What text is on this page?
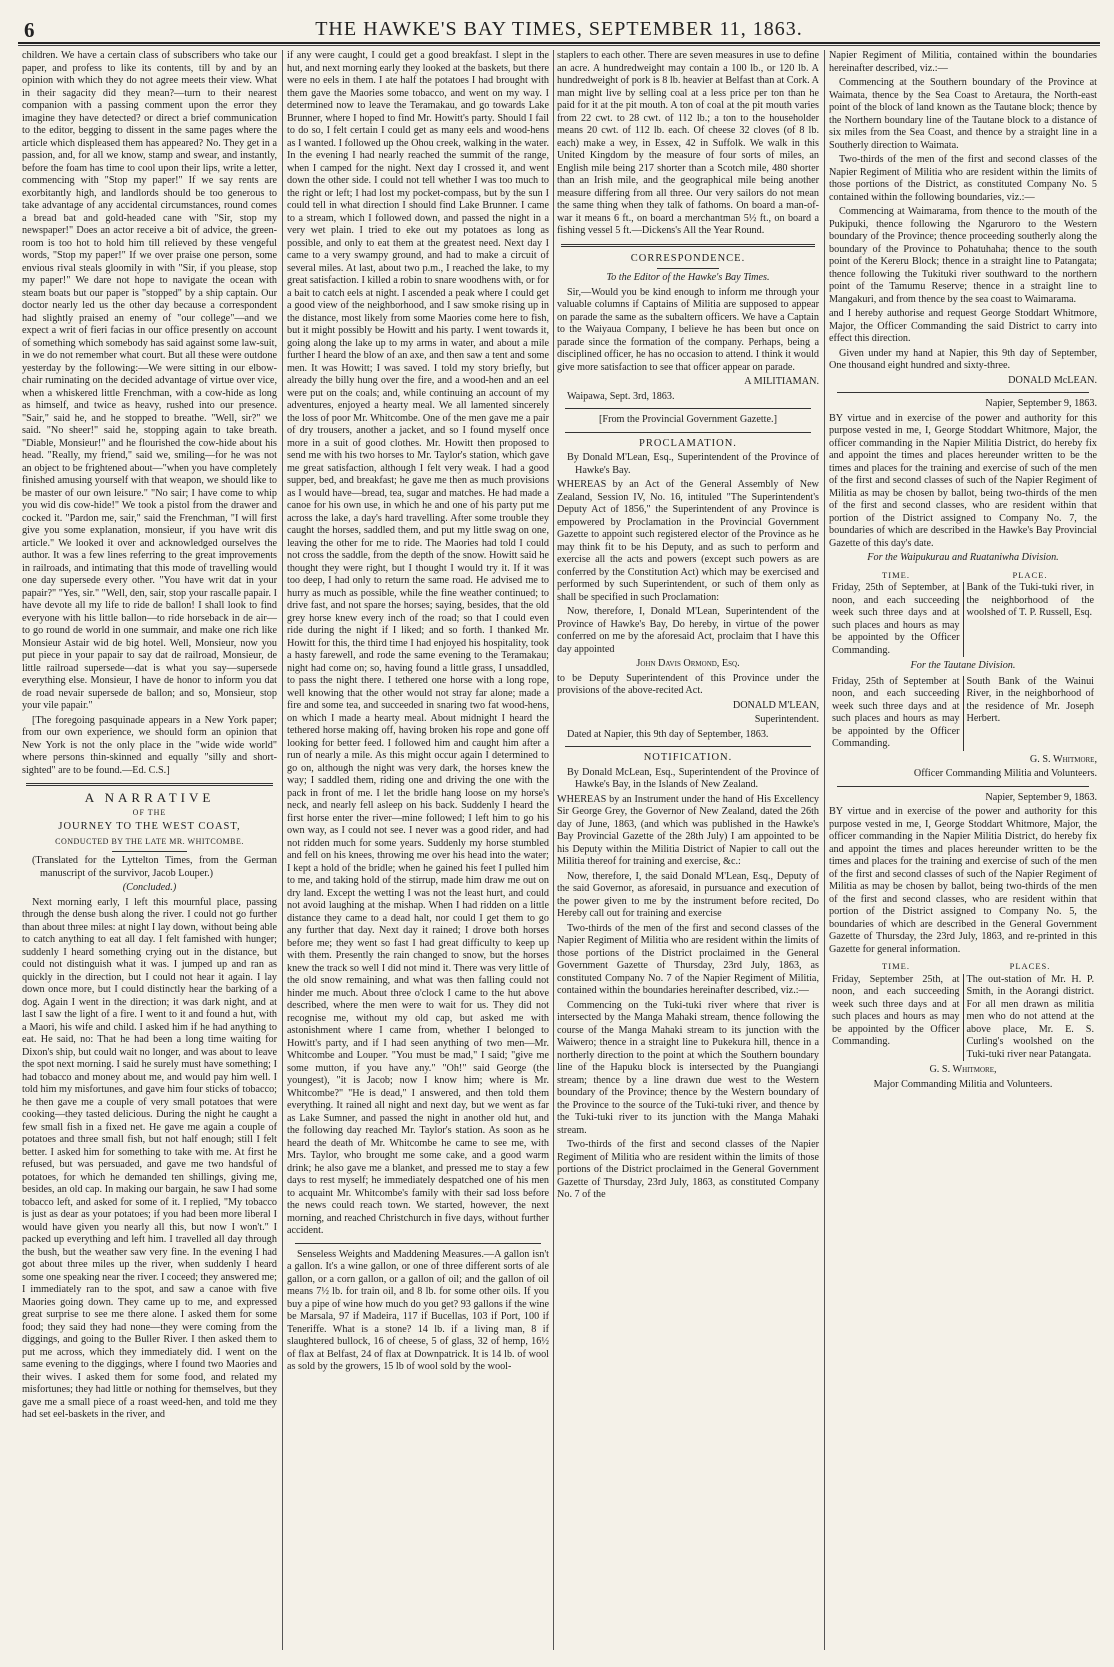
6	THE HAWKE'S BAY TIMES, SEPTEMBER 11, 1863.

children. We have a certain class of subscribers who take our paper, and profess to like its contents, till by and by an opinion with which they do not agree meets their view. What in their sagacity did they mean?—turn to their nearest companion with a passing comment upon the error they imagine they have detected? or direct a brief communication to the editor, begging to dissent in the same pages where the article which displeased them has appeared? No. They get in a passion, and, for all we know, stamp and swear, and instantly, before the foam has time to cool upon their lips, write a letter, commencing with "Stop my paper!" If we say rents are exorbitantly high, and landlords should be too generous to take advantage of any accidental circumstances, round comes a bread bat and gold-headed cane with "Sir, stop my newspaper!" Does an actor receive a bit of advice, the green-room is too hot to hold him till relieved by these vengeful words, "Stop my paper!" If we over praise one person, some envious rival steals gloomily in with "Sir, if you please, stop my paper!" We dare not hope to navigate the ocean with steam boats but our paper is "stopped" by a ship captain. Our doctor nearly led us the other day because a correspondent had slightly praised an enemy of "our college"—and we expect a writ of fieri facias in our office presently on account of something which somebody has said against some law-suit, in we do not remember what court. But all these were outdone yesterday by the following:—We were sitting in our elbow-chair ruminating on the decided advantage of virtue over vice, when a whiskered little Frenchman, with a cow-hide as long as himself, and twice as heavy, rushed into our presence. "Sair," said he, and he stopped to breathe. "Well, sir?" we said. "No sheer!" said he, stopping again to take breath. "Diable, Monsieur!" and he flourished the cow-hide about his head. "Really, my friend," said we, smiling—for he was not an object to be frightened about—"when you have completely finished amusing yourself with that weapon, we should like to be master of our own leisure." "No sair; I have come to whip you wid dis cow-hide!" We took a pistol from the drawer and cocked it. "Pardon me, sair," said the Frenchman, "I will first give you some explanation, monsieur, if you have writ dis article." We looked it over and acknowledged ourselves the author. It was a few lines referring to the great improvements in railroads, and intimating that this mode of travelling would one day supersede every other. "You have writ dat in your papair?" "Yes, sir." "Well, den, sair, stop your rascalle papair. I have devote all my life to ride de ballon! I shall look to find everyone with his little ballon—to ride horseback in de air—to go round de world in one summair, and make one rich like Monsieur Astair wid de big hotel. Well, Monsieur, now you put piece in your papair to say dat de railroad, Monsieur, de little railroad supersede—dat is what you say—supersede everything else. Monsieur, I have de honor to inform you dat de road nevair supersede de ballon; and so, Monsieur, stop your vile papair."

[The foregoing pasquinade appears in a New York paper; from our own experience, we should form an opinion that New York is not the only place in the "wide wide world" where persons thin-skinned and equally "silly and short-sighted" are to be found.—Ed. C.S.]

A NARRATIVE

OF THE

JOURNEY TO THE WEST COAST,

CONDUCTED BY THE LATE MR. WHITCOMBE.

(Translated for the Lyttelton Times, from the German manuscript of the survivor, Jacob Louper.)

(Concluded.)

Next morning early, I left this mournful place, passing through the dense bush along the river. I could not go further than about three miles: at night I lay down, without being able to catch anything to eat all day. I felt famished with hunger; suddenly I heard something crying out in the distance, but could not distinguish what it was. I jumped up and ran as quickly in the direction, but I could not hear it again. I lay down once more, but I could distinctly hear the barking of a dog. Again I went in the direction; it was dark night, and at last I saw the light of a fire. I went to it and found a hut, with a Maori, his wife and child. I asked him if he had anything to eat. He said, no: That he had been a long time waiting for Dixon's ship, but could wait no longer, and was about to leave the spot next morning. I said he surely must have something; I had tobacco and money about me, and would pay him well. I told him my misfortunes, and gave him four sticks of tobacco; he then gave me a couple of very small potatoes that were cooking—they tasted delicious. During the night he caught a few small fish in a fixed net. He gave me again a couple of potatoes and three small fish, but not half enough; still I felt better. I asked him for something to take with me. At first he refused, but was persuaded, and gave me two handsful of potatoes, for which he demanded ten shillings, giving me, besides, an old cap. In making our bargain, he saw I had some tobacco left, and asked for some of it. I replied, "My tobacco is just as dear as your potatoes; if you had been more liberal I would have given you nearly all this, but now I won't." I packed up everything and left him. I travelled all day through the bush, but the weather saw very fine. In the evening I had got about three miles up the river, when suddenly I heard some one speaking near the river. I coceed; they answered me; I immediately ran to the spot, and saw a canoe with five Maories going down. They came up to me, and expressed great surprise to see me there alone. I asked them for some food; they said they had none—they were coming from the diggings, and going to the Buller River. I then asked them to put me across, which they immediately did. I went on the same evening to the diggings, where I found two Maories and their wives. I asked them for some food, and related my misfortunes; they had little or nothing for themselves, but they gave me a small piece of a roast weed-hen, and told me they had set eel-baskets in the river, and

if any were caught, I could get a good breakfast. I slept in the hut, and next morning early they looked at the baskets, but there were no eels in them. I ate half the potatoes I had brought with them gave the Maories some tobacco, and went on my way. I determined now to leave the Teramakau, and go towards Lake Brunner, where I hoped to find Mr. Howitt's party. Should I fail to do so, I felt certain I could get as many eels and wood-hens as I wanted. I followed up the Ohou creek, walking in the water. In the evening I had nearly reached the summit of the range, when I camped for the night. Next day I crossed it, and went down the other side. I could not tell whether I was too much to the right or left; I had lost my pocket-compass, but by the sun I could tell in what direction I should find Lake Brunner. I came to a stream, which I followed down, and passed the night in a very wet plain. I tried to eke out my potatoes as long as possible, and only to eat them at the greatest need. Next day I came to a very swampy ground, and had to make a circuit of several miles. At last, about two p.m., I reached the lake, to my great satisfaction. I killed a robin to snare woodhens with, or for a bait to catch eels at night. I ascended a peak where I could get a good view of the neighborhood, and I saw smoke rising up in the distance, most likely from some Maories come here to fish, but it might possibly be Howitt and his party. I went towards it, going along the lake up to my arms in water, and about a mile further I heard the blow of an axe, and then saw a tent and some men. It was Howitt; I was saved. I told my story briefly, but already the billy hung over the fire, and a wood-hen and an eel were put on the coals; and, while continuing an account of my adventures, enjoyed a hearty meal. We all lamented sincerely the loss of poor Mr. Whitcombe. One of the men gave me a pair of dry trousers, another a jacket, and so I found myself once more in a suit of good clothes. Mr. Howitt then proposed to send me with his two horses to Mr. Taylor's station, which gave me great satisfaction, although I felt very weak. I had a good supper, bed, and breakfast; he gave me then as much provisions as I would have—bread, tea, sugar and matches. He had made a canoe for his own use, in which he and one of his party put me across the lake, a day's hard travelling. After some trouble they caught the horses, saddled them, and put my little swag on one, leaving the other for me to ride. The Maories had told I could not cross the saddle, from the depth of the snow. Howitt said he thought they were right, but I thought I would try it. If it was too deep, I had only to return the same road. He advised me to hurry as much as possible, while the fine weather continued; to drive fast, and not spare the horses; saying, besides, that the old grey horse knew every inch of the road; so that I could even ride during the night if I liked; and so forth. I thanked Mr. Howitt for this, the third time I had enjoyed his hospitality, took a hasty farewell, and rode the same evening to the Teramakau; night had come on; so, having found a little grass, I unsaddled, to pass the night there. I tethered one horse with a long rope, well knowing that the other would not stray far alone; made a fire and some tea, and succeeded in snaring two fat wood-hens, on which I made a hearty meal. About midnight I heard the tethered horse making off, having broken his rope and gone off looking for better feed. I followed him and caught him after a run of nearly a mile. As this might occur again I determined to go on, although the night was very dark, the horses knew the way; I saddled them, riding one and driving the one with the pack in front of me. I let the bridle hang loose on my horse's neck, and nearly fell asleep on his back. Suddenly I heard the first horse enter the river—mine followed; I left him to go his own way, as I could not see. I never was a good rider, and had not ridden much for some years. Suddenly my horse stumbled and fell on his knees, throwing me over his head into the water; I kept a hold of the bridle; when he gained his feet I pulled him to me, and taking hold of the stirrup, made him draw me out on dry land. Except the wetting I was not the least hurt, and could not avoid laughing at the mishap. When I had ridden on a little distance they came to a dead halt, nor could I get them to go any further that day. Next day it rained; I drove both horses before me; they went so fast I had great difficulty to keep up with them. Presently the rain changed to snow, but the horses knew the track so well I did not mind it. There was very little of the old snow remaining, and what was then falling could not hinder me much. About three o'clock I came to the hut above described, where the men were to wait for us. They did not recognise me, without my old cap, but asked me with astonishment where I came from, whether I belonged to Howitt's party, and if I had seen anything of two men—Mr. Whitcombe and Louper. "You must be mad," I said; "give me some mutton, if you have any." "Oh!" said George (the youngest), "it is Jacob; now I know him; where is Mr. Whitcombe?" "He is dead," I answered, and then told them everything. It rained all night and next day, but we went as far as Lake Sumner, and passed the night in another old hut, and the following day reached Mr. Taylor's station. As soon as he heard the death of Mr. Whitcombe he came to see me, with Mrs. Taylor, who brought me some cake, and a good warm drink; he also gave me a blanket, and pressed me to stay a few days to rest myself; he immediately despatched one of his men to acquaint Mr. Whitcombe's family with their sad loss before the news could reach town. We started, however, the next morning, and reached Christchurch in five days, without further accident.

Senseless Weights and Maddening Measures.—A gallon isn't a gallon. It's a wine gallon, or one of three different sorts of ale gallon, or a corn gallon, or a gallon of oil; and the gallon of oil means 7½ lb. for train oil, and 8 lb. for some other oils. If you buy a pipe of wine how much do you get? 93 gallons if the wine be Marsala, 97 if Madeira, 117 if Bucellas, 103 if Port, 100 if Teneriffe. What is a stone? 14 lb. if a living man, 8 if slaughtered bullock, 16 of cheese, 5 of glass, 32 of hemp, 16½ of flax at Belfast, 24 of flax at Downpatrick. It is 14 lb. of wool as sold by the growers, 15 lb of wool sold by the wool-

staplers to each other. There are seven measures in use to define an acre. A hundredweight may contain a 100 lb., or 120 lb. A hundredweight of pork is 8 lb. heavier at Belfast than at Cork. A man might live by selling coal at a less price per ton than he paid for it at the pit mouth. A ton of coal at the pit mouth varies from 22 cwt. to 28 cwt. of 112 lb.; a ton to the householder means 20 cwt. of 112 lb. each. Of cheese 32 cloves (of 8 lb. each) make a wey, in Essex, 42 in Suffolk. We walk in this United Kingdom by the measure of four sorts of miles, an English mile being 217 shorter than a Scotch mile, 480 shorter than an Irish mile, and the geographical mile being another measure differing from all three. Our very sailors do not mean the same thing when they talk of fathoms. On board a man-of-war it means 6 ft., on board a merchantman 5½ ft., on board a fishing vessel 5 ft.—Dickens's All the Year Round.

CORRESPONDENCE.

To the Editor of the Hawke's Bay Times.

Sir,—Would you be kind enough to inform me through your valuable columns if Captains of Militia are supposed to appear on parade the same as the subaltern officers. We have a Captain to the Waiyaua Company, I believe he has been but once on parade since the formation of the company. Perhaps, being a disciplined officer, he has no occasion to attend. I think it would give more satisfaction to see that officer appear on parade.

A MILITIAMAN.

Waipawa, Sept. 3rd, 1863.

[From the Provincial Government Gazette.]

PROCLAMATION.

By Donald M'Lean, Esq., Superintendent of the Province of Hawke's Bay.

WHEREAS by an Act of the General Assembly of New Zealand, Session IV, No. 16, intituled "The Superintendent's Deputy Act of 1856," the Superintendent of any Province is empowered by Proclamation in the Provincial Government Gazette to appoint such registered elector of the Province as he may think fit to be his Deputy, and as such to perform and exercise all the acts and powers (except such powers as are conferred by the Constitution Act) which may be exercised and performed by such Superintendent, or such of them only as shall be specified in such Proclamation:

Now, therefore, I, Donald M'Lean, Superintendent of the Province of Hawke's Bay, Do hereby, in virtue of the power conferred on me by the aforesaid Act, proclaim that I have this day appointed

John Davis Ormond, Esq.

to be Deputy Superintendent of this Province under the provisions of the above-recited Act.

DONALD M'LEAN,

Superintendent.

Dated at Napier, this 9th day of September, 1863.

NOTIFICATION.

By Donald McLean, Esq., Superintendent of the Province of Hawke's Bay, in the Islands of New Zealand.

WHEREAS by an Instrument under the hand of His Excellency Sir George Grey, the Governor of New Zealand, dated the 26th day of June, 1863, (and which was published in the Hawke's Bay Provincial Gazette of the 28th July) I am appointed to be his Deputy within the Militia District of Napier to call out the Militia thereof for training and exercise, &c.:

Now, therefore, I, the said Donald M'Lean, Esq., Deputy of the said Governor, as aforesaid, in pursuance and execution of the power given to me by the instrument before recited, Do Hereby call out for training and exercise

Two-thirds of the men of the first and second classes of the Napier Regiment of Militia who are resident within the limits of those portions of the District proclaimed in the General Government Gazette of Thursday, 23rd July, 1863, as constituted Company No. 7 of the Napier Regiment of Militia, contained within the boundaries hereinafter described, viz.:—

Commencing on the Tuki-tuki river where that river is intersected by the Manga Mahaki stream, thence following the course of the Manga Mahaki stream to its junction with the Waiwero; thence in a straight line to Pukekura hill, thence in a northerly direction to the point at which the Southern boundary line of the Hapuku block is intersected by the Puangiangi stream; thence by a line drawn due west to the Western boundary of the Province; thence by the Western boundary of the Province to the source of the Tuki-tuki river, and thence by the Tuki-tuki river to its junction with the Manga Mahaki stream.

Two-thirds of the first and second classes of the Napier Regiment of Militia who are resident within the limits of those portions of the District proclaimed in the General Government Gazette of Thursday, 23rd July, 1863, as constituted Company No. 7 of the

Napier Regiment of Militia, contained within the boundaries hereinafter described, viz.:—

Commencing at the Southern boundary of the Province at Waimata, thence by the Sea Coast to Aretaura, the North-east point of the block of land known as the Tautane block; thence by the Northern boundary line of the Tautane block to a distance of six miles from the Sea Coast, and thence by a straight line in a Southerly direction to Waimata.

Two-thirds of the men of the first and second classes of the Napier Regiment of Militia who are resident within the limits of those portions of the District, as constituted Company No. 5 contained within the following boundaries, viz.:—

Commencing at Waimarama, from thence to the mouth of the Pukipuki, thence following the Ngaruroro to the Western boundary of the Province; thence proceeding southerly along the boundary of the Province to Pohatuhaha; thence to the south point of the Kereru Block; thence in a straight line to Patangata; thence following the Tukituki river southward to the northern point of the Tamumu Reserve; thence in a straight line to Mangakuri, and from thence by the sea coast to Waimarama.

and I hereby authorise and request George Stoddart Whitmore, Major, the Officer Commanding the said District to carry into effect this direction.

Given under my hand at Napier, this 9th day of September, One thousand eight hundred and sixty-three.

DONALD McLEAN.

Napier, September 9, 1863.

BY virtue and in exercise of the power and authority for this purpose vested in me, I, George Stoddart Whitmore, Major, the officer commanding in the Napier Militia District, do hereby fix and appoint the times and places hereunder written to be the times and places for the training and exercise of such of the men of the first and second classes of such of the Napier Regiment of Militia as may be chosen by ballot, being two-thirds of the men of the first and second classes, who are resident within that portion of the District assigned to Company No. 7, the boundaries of which are described in the Hawke's Bay Provincial Gazette of this day's date.

For the Waipukurau and Ruataniwha Division.

TIME.	PLACE.
Friday, 25th of September, at noon, and each succeeding week such three days and at such places and hours as may be appointed by the Officer Commanding.	Bank of the Tuki-tuki river, in the neighborhood of the woolshed of T. P. Russell, Esq.

For the Tautane Division.

Friday, 25th of September at noon, and each succeeding week such three days and at such places and hours as may be appointed by the Officer Commanding.	South Bank of the Wainui River, in the neighborhood of the residence of Mr. Joseph Herbert.

G. S. Whitmore,

Officer Commanding Militia and Volunteers.

Napier, September 9, 1863.

BY virtue and in exercise of the power and authority for this purpose vested in me, I, George Stoddart Whitmore, Major, the officer commanding in the Napier Militia District, do hereby fix and appoint the times and places hereunder written to be the times and places for the training and exercise of such of the men of the first and second classes of such of the Napier Regiment of Militia as may be chosen by ballot, being two-thirds of the men of the first and second classes, who are resident within that portion of the District assigned to Company No. 5, the boundaries of which are described in the General Government Gazette of Thursday, the 23rd July, 1863, and re-printed in this Gazette for general information.

TIME.	PLACES.
Friday, September 25th, at noon, and each succeeding week such three days and at such places and hours as may be appointed by the Officer Commanding.	The out-station of Mr. H. P. Smith, in the Aorangi district. For all men drawn as militia men who do not attend at the above place, Mr. E. S. Curling's woolshed on the Tuki-tuki river near Patangata.

G. S. Whitmore,

Major Commanding Militia and Volunteers.
